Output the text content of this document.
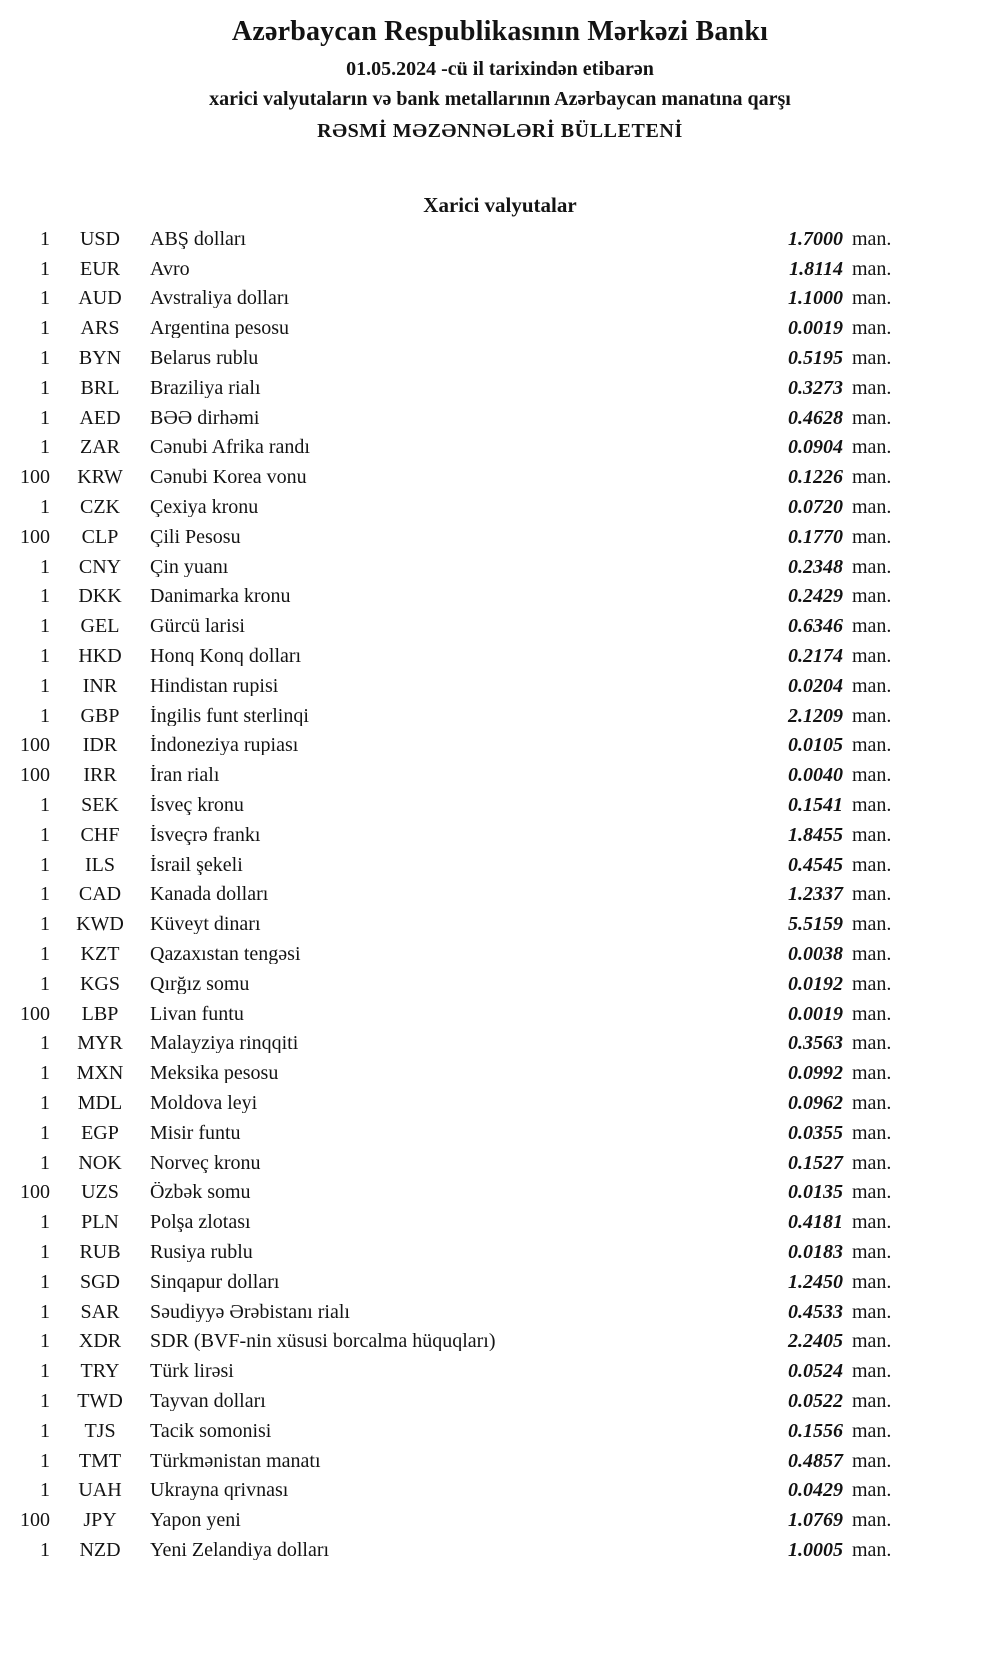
Azərbaycan Respublikasının Mərkəzi Bankı
01.05.2024 -cü il tarixindən etibarən
xarici valyutaların və bank metallarının Azərbaycan manatına qarşı
RƏSMİ MƏZƏNNƏLƏRİ BÜLLETENİ
Xarici valyutalar
1	USD	ABŞ dolları	1.7000 man.
1	EUR	Avro	1.8114 man.
1	AUD	Avstraliya dolları	1.1000 man.
1	ARS	Argentina pesosu	0.0019 man.
1	BYN	Belarus rublu	0.5195 man.
1	BRL	Braziliya rialı	0.3273 man.
1	AED	BƏƏ dirhəmi	0.4628 man.
1	ZAR	Cənubi Afrika randı	0.0904 man.
100	KRW	Cənubi Korea vonu	0.1226 man.
1	CZK	Çexiya kronu	0.0720 man.
100	CLP	Çili Pesosu	0.1770 man.
1	CNY	Çin yuanı	0.2348 man.
1	DKK	Danimarka kronu	0.2429 man.
1	GEL	Gürcü larisi	0.6346 man.
1	HKD	Honq Konq dolları	0.2174 man.
1	INR	Hindistan rupisi	0.0204 man.
1	GBP	İngilis funt sterlinqi	2.1209 man.
100	IDR	İndoneziya rupiası	0.0105 man.
100	IRR	İran rialı	0.0040 man.
1	SEK	İsveç kronu	0.1541 man.
1	CHF	İsveçrə frankı	1.8455 man.
1	ILS	İsrail şekeli	0.4545 man.
1	CAD	Kanada dolları	1.2337 man.
1	KWD	Küveyt dinarı	5.5159 man.
1	KZT	Qazaxıstan tengəsi	0.0038 man.
1	KGS	Qırğız somu	0.0192 man.
100	LBP	Livan funtu	0.0019 man.
1	MYR	Malayziya rinqqiti	0.3563 man.
1	MXN	Meksika pesosu	0.0992 man.
1	MDL	Moldova leyi	0.0962 man.
1	EGP	Misir funtu	0.0355 man.
1	NOK	Norveç kronu	0.1527 man.
100	UZS	Özbək somu	0.0135 man.
1	PLN	Polşa zlotası	0.4181 man.
1	RUB	Rusiya rublu	0.0183 man.
1	SGD	Sinqapur dolları	1.2450 man.
1	SAR	Səudiyyə Ərəbistanı rialı	0.4533 man.
1	XDR	SDR (BVF-nin xüsusi borcalma hüquqları)	2.2405 man.
1	TRY	Türk lirəsi	0.0524 man.
1	TWD	Tayvan dolları	0.0522 man.
1	TJS	Tacik somonisi	0.1556 man.
1	TMT	Türkmənistan manatı	0.4857 man.
1	UAH	Ukrayna qrivnası	0.0429 man.
100	JPY	Yapon yeni	1.0769 man.
1	NZD	Yeni Zelandiya dolları	1.0005 man.
